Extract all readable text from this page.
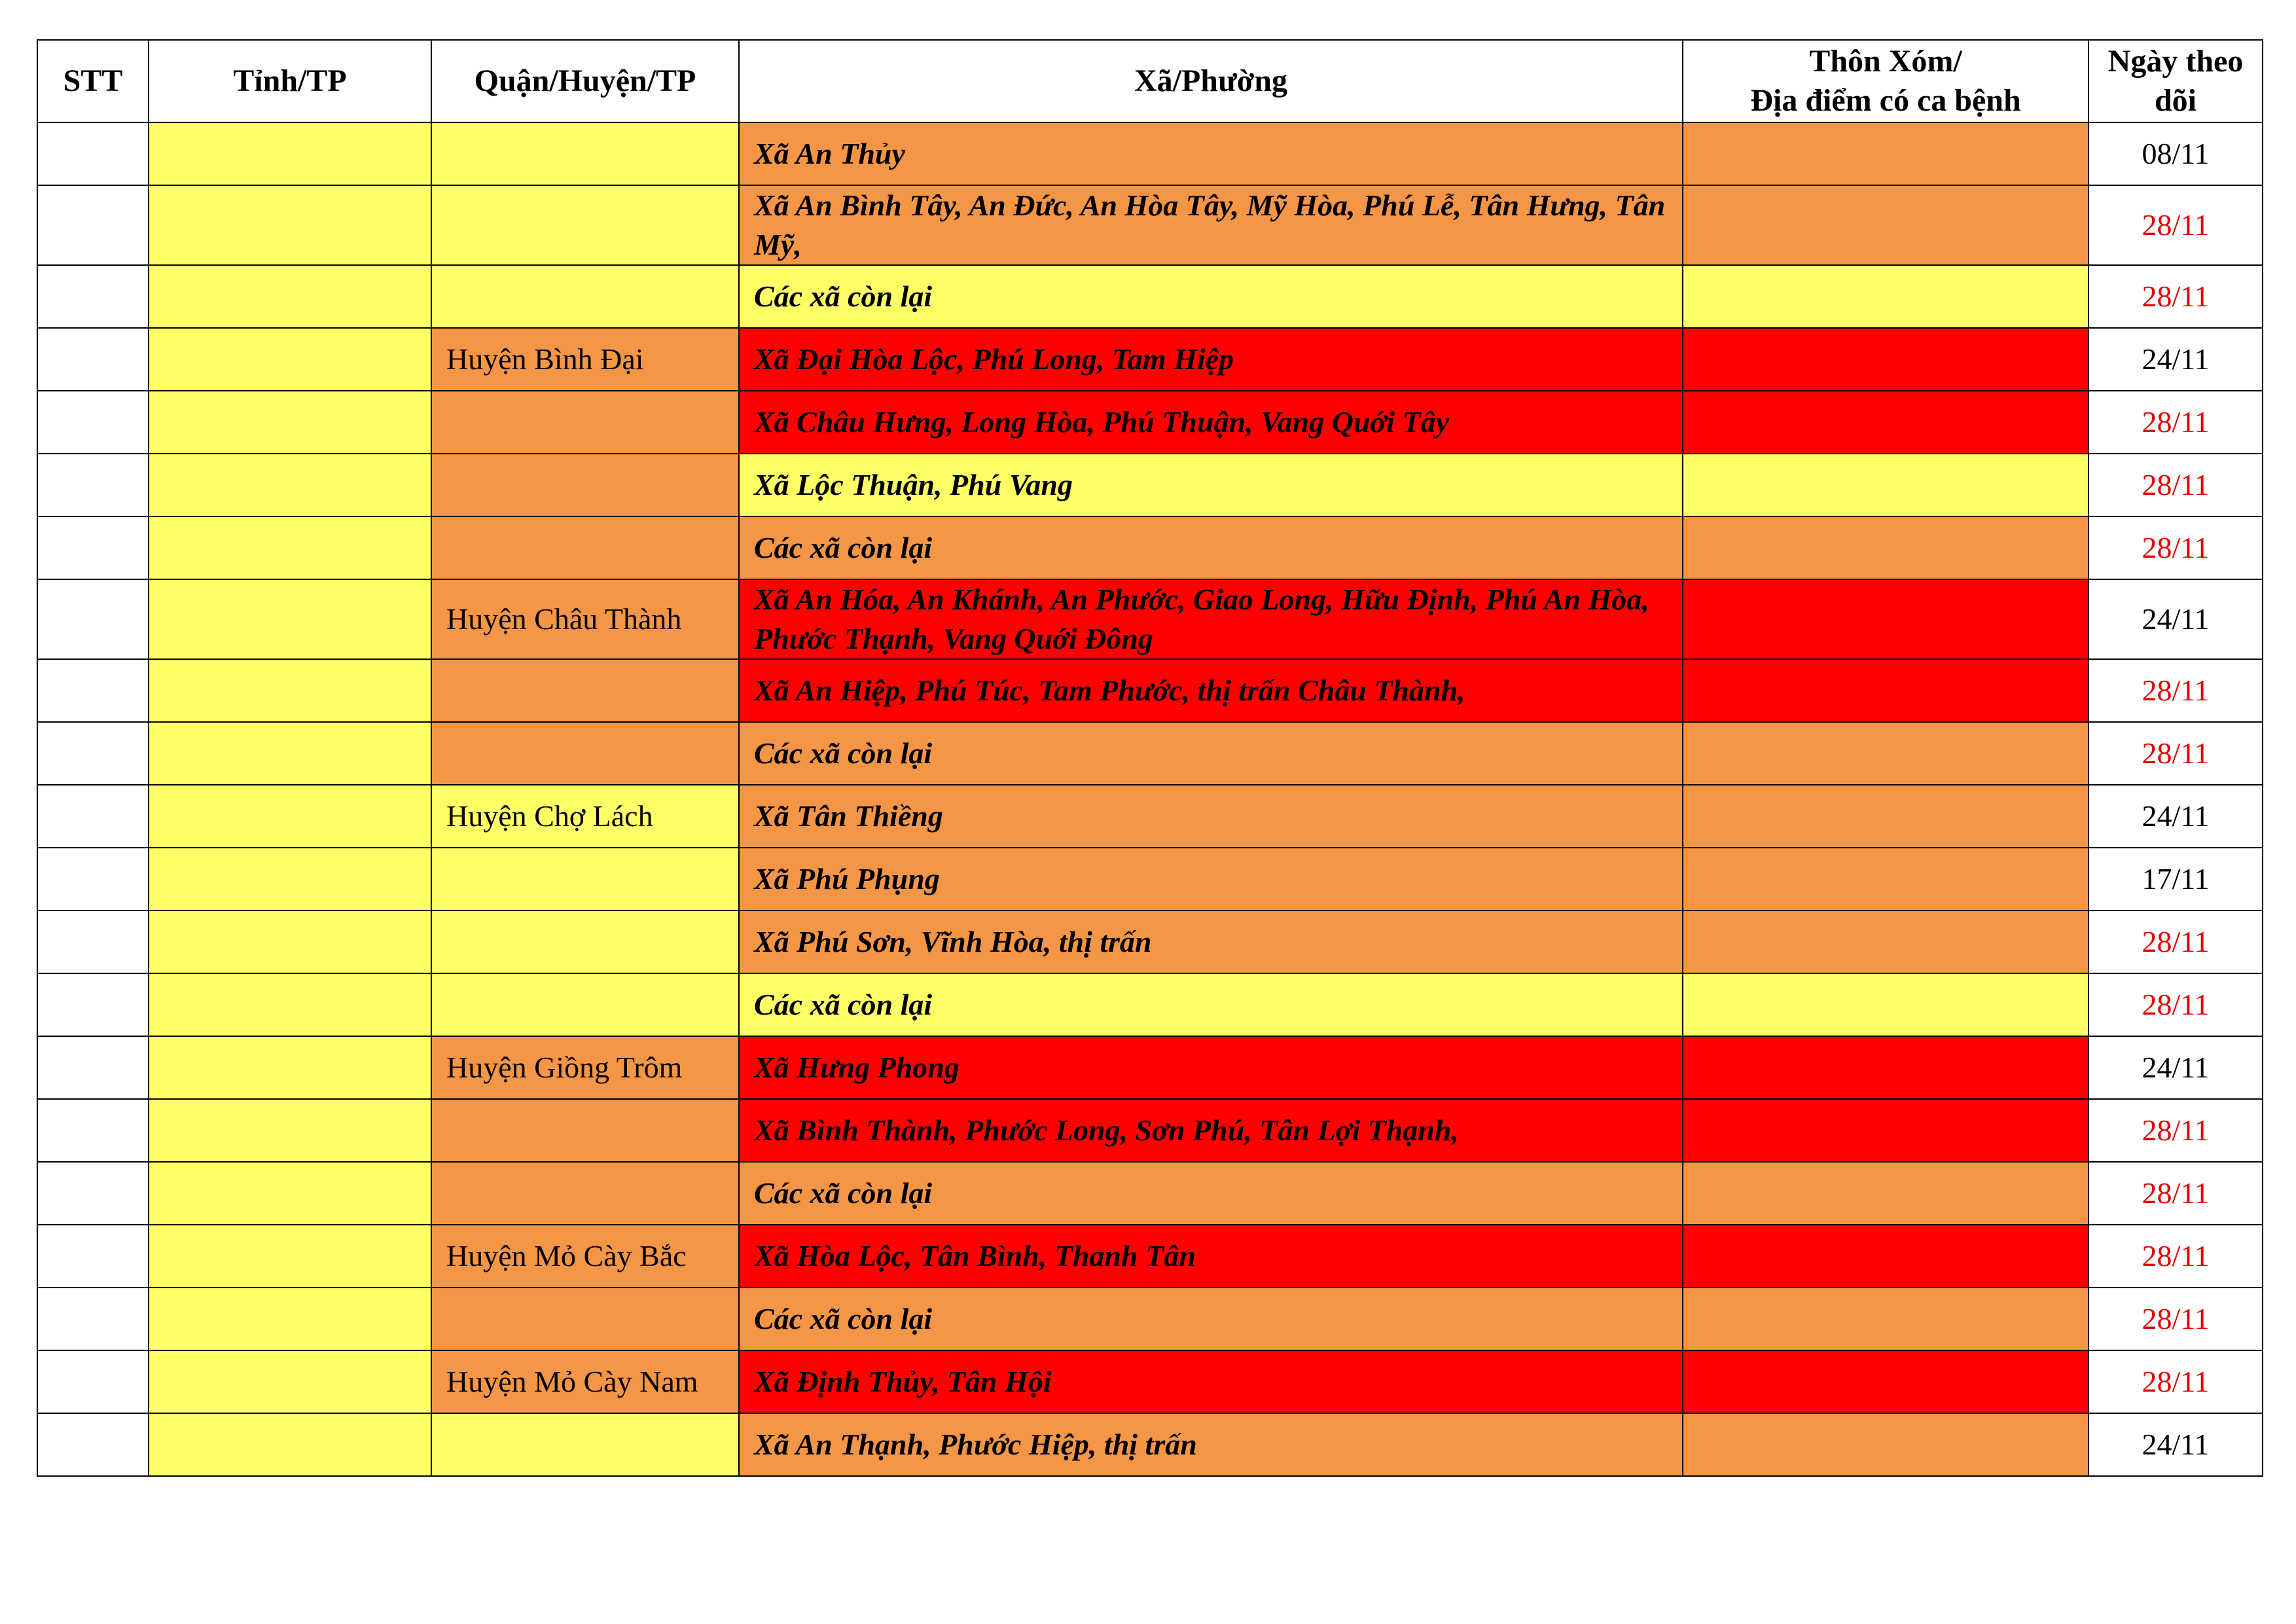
STT	Tỉnh/TP	Quận/Huyện/TP	Xã/Phường	Thôn Xóm/
Địa điểm có ca bệnh	Ngày theo
dõi
			Xã An Thủy		08/11
			Xã An Bình Tây, An Đức, An Hòa Tây, Mỹ Hòa, Phú Lễ, Tân Hưng, Tân Mỹ,		28/11
			Các xã còn lại		28/11
		Huyện Bình Đại	Xã Đại Hòa Lộc, Phú Long, Tam Hiệp		24/11
			Xã Châu Hưng, Long Hòa, Phú Thuận, Vang Quới Tây		28/11
			Xã Lộc Thuận, Phú Vang		28/11
			Các xã còn lại		28/11
		Huyện Châu Thành	Xã An Hóa, An Khánh, An Phước, Giao Long, Hữu Định, Phú An Hòa, Phước Thạnh, Vang Quới Đông		24/11
			Xã An Hiệp, Phú Túc, Tam Phước, thị trấn Châu Thành,		28/11
			Các xã còn lại		28/11
		Huyện Chợ Lách	Xã Tân Thiềng		24/11
			Xã Phú Phụng		17/11
			Xã Phú Sơn, Vĩnh Hòa, thị trấn		28/11
			Các xã còn lại		28/11
		Huyện Giồng Trôm	Xã Hưng Phong		24/11
			Xã Bình Thành, Phước Long, Sơn Phú, Tân Lợi Thạnh,		28/11
			Các xã còn lại		28/11
		Huyện Mỏ Cày Bắc	Xã Hòa Lộc, Tân Bình, Thanh Tân		28/11
			Các xã còn lại		28/11
		Huyện Mỏ Cày Nam	Xã Định Thủy, Tân Hội		28/11
			Xã An Thạnh, Phước Hiệp, thị trấn		24/11
